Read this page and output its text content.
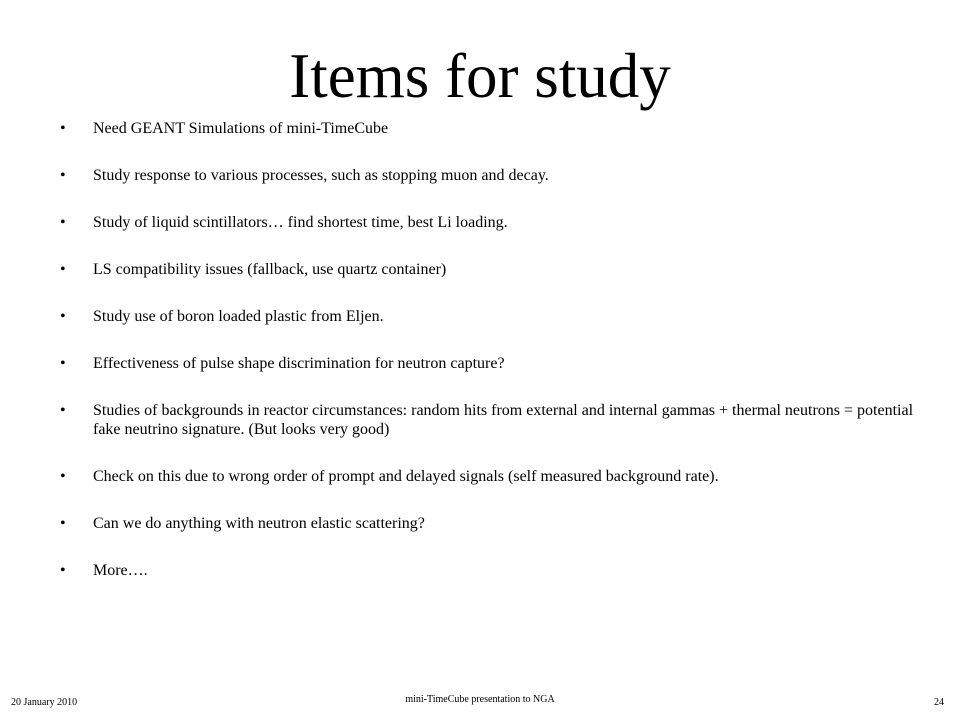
Items for study
•	Need GEANT Simulations of mini-TimeCube
•	Study response to various processes, such as stopping muon and decay.
•	Study of liquid scintillators… find shortest time, best Li loading.
•	LS compatibility issues (fallback, use quartz container)
•	Study use of boron loaded plastic from Eljen.
•	Effectiveness of pulse shape discrimination for neutron capture?
•	Studies of backgrounds in reactor circumstances: random hits from external and internal gammas + thermal neutrons = potential fake neutrino signature. (But looks very good)
•	Check on this due to wrong order of prompt and delayed signals (self measured background rate).
•	Can we do anything with neutron elastic scattering?
•	More….
20 January 2010	mini-TimeCube presentation to NGA	24
